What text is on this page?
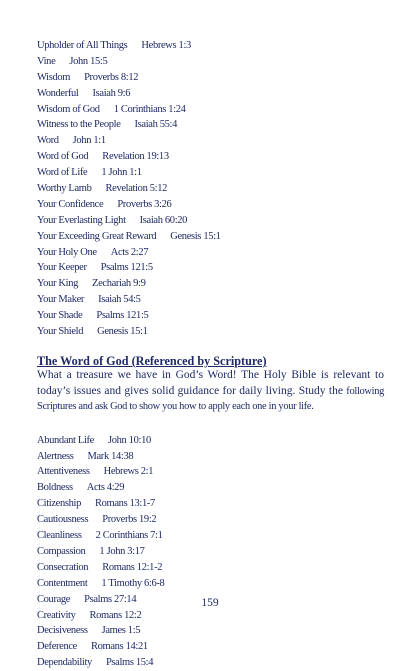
Upholder of All Things Hebrews 1:3
Vine John 15:5
Wisdom Proverbs 8:12
Wonderful Isaiah 9:6
Wisdom of God 1 Corinthians 1:24
Witness to the People Isaiah 55:4
Word John 1:1
Word of God Revelation 19:13
Word of Life 1 John 1:1
Worthy Lamb Revelation 5:12
Your Confidence Proverbs 3:26
Your Everlasting Light Isaiah 60:20
Your Exceeding Great Reward Genesis 15:1
Your Holy One Acts 2:27
Your Keeper Psalms 121:5
Your King Zechariah 9:9
Your Maker Isaiah 54:5
Your Shade Psalms 121:5
Your Shield Genesis 15:1
The Word of God (Referenced by Scripture)

What a treasure we have in God’s Word! The Holy Bible is relevant to today’s issues and gives solid guidance for daily living. Study the following Scriptures and ask God to show you how to apply each one in your life.

Abundant Life John 10:10
Alertness Mark 14:38
Attentiveness Hebrews 2:1
Boldness Acts 4:29
Citizenship Romans 13:1-7
Cautiousness Proverbs 19:2
Cleanliness 2 Corinthians 7:1
Compassion 1 John 3:17
Consecration Romans 12:1-2
Contentment 1 Timothy 6:6-8
Courage Psalms 27:14
Creativity Romans 12:2
Decisiveness James 1:5
Deference Romans 14:21
Dependability Psalms 15:4
159
